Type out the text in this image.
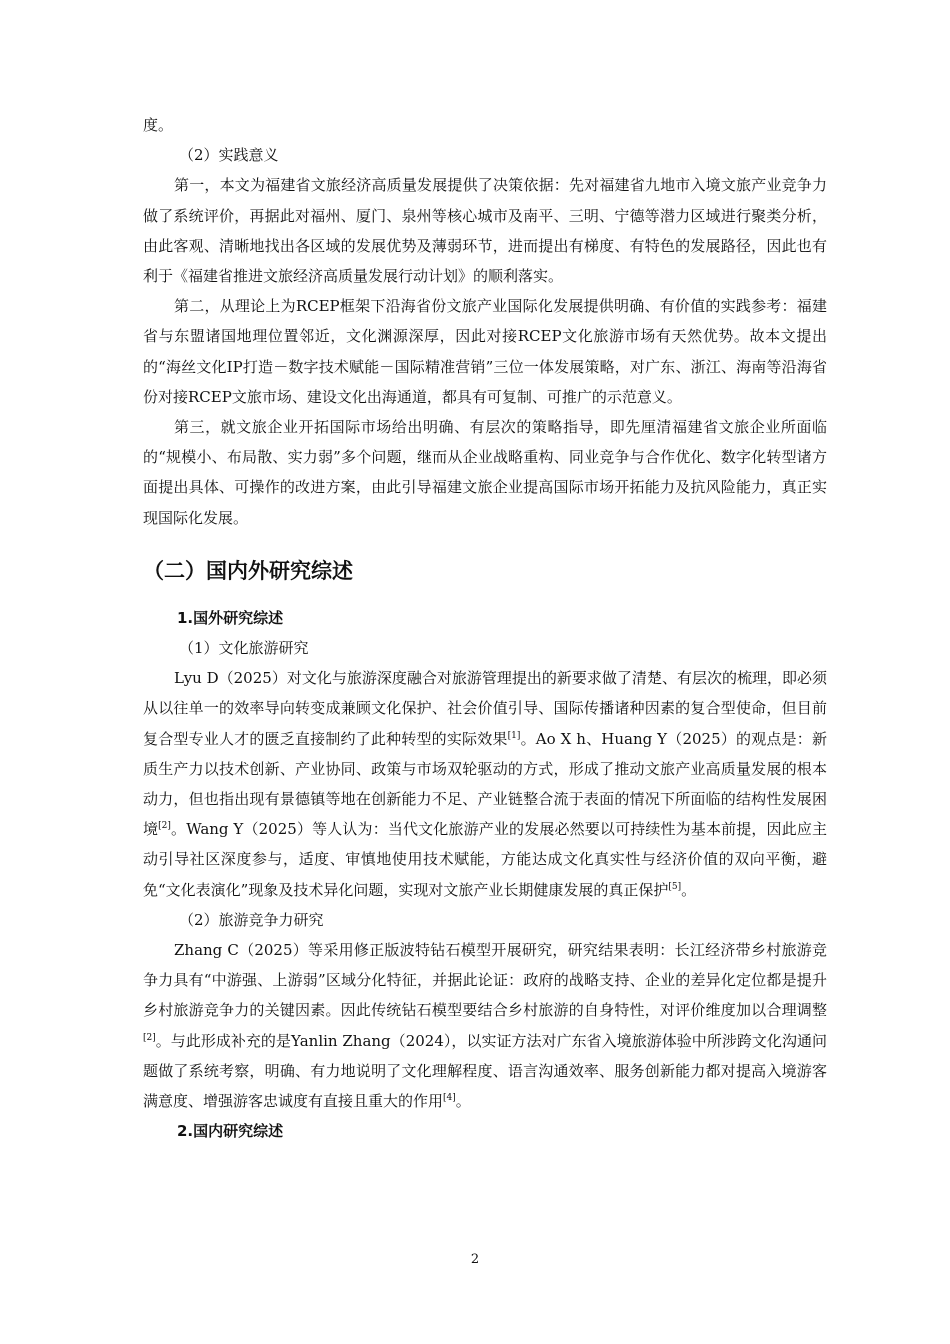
度。

（2）实践意义

第一，本文为福建省文旅经济高质量发展提供了决策依据：先对福建省九地市入境文旅产业竞争力做了系统评价，再据此对福州、厦门、泉州等核心城市及南平、三明、宁德等潜力区域进行聚类分析，由此客观、清晰地找出各区域的发展优势及薄弱环节，进而提出有梯度、有特色的发展路径，因此也有利于《福建省推进文旅经济高质量发展行动计划》的顺利落实。

第二，从理论上为RCEP框架下沿海省份文旅产业国际化发展提供明确、有价值的实践参考：福建省与东盟诸国地理位置邻近，文化渊源深厚，因此对接RCEP文化旅游市场有天然优势。故本文提出的“海丝文化IP打造－数字技术赋能－国际精准营销”三位一体发展策略，对广东、浙江、海南等沿海省份对接RCEP文旅市场、建设文化出海通道，都具有可复制、可推广的示范意义。

第三，就文旅企业开拓国际市场给出明确、有层次的策略指导，即先厘清福建省文旅企业所面临的“规模小、布局散、实力弱”多个问题，继而从企业战略重构、同业竞争与合作优化、数字化转型诸方面提出具体、可操作的改进方案，由此引导福建文旅企业提高国际市场开拓能力及抗风险能力，真正实现国际化发展。

（二）国内外研究综述

1.国外研究综述

（1）文化旅游研究

Lyu D（2025）对文化与旅游深度融合对旅游管理提出的新要求做了清楚、有层次的梳理，即必须从以往单一的效率导向转变成兼顾文化保护、社会价值引导、国际传播诸种因素的复合型使命，但目前复合型专业人才的匮乏直接制约了此种转型的实际效果[1]。Ao X h、Huang Y（2025）的观点是：新质生产力以技术创新、产业协同、政策与市场双轮驱动的方式，形成了推动文旅产业高质量发展的根本动力，但也指出现有景德镇等地在创新能力不足、产业链整合流于表面的情况下所面临的结构性发展困境[2]。Wang Y（2025）等人认为：当代文化旅游产业的发展必然要以可持续性为基本前提，因此应主动引导社区深度参与，适度、审慎地使用技术赋能，方能达成文化真实性与经济价值的双向平衡，避免“文化表演化”现象及技术异化问题，实现对文旅产业长期健康发展的真正保护[5]。

（2）旅游竞争力研究

Zhang C（2025）等采用修正版波特钻石模型开展研究，研究结果表明：长江经济带乡村旅游竞争力具有“中游强、上游弱”区域分化特征，并据此论证：政府的战略支持、企业的差异化定位都是提升乡村旅游竞争力的关键因素。因此传统钻石模型要结合乡村旅游的自身特性，对评价维度加以合理调整[2]。与此形成补充的是Yanlin Zhang（2024），以实证方法对广东省入境旅游体验中所涉跨文化沟通问题做了系统考察，明确、有力地说明了文化理解程度、语言沟通效率、服务创新能力都对提高入境游客满意度、增强游客忠诚度有直接且重大的作用[4]。

2.国内研究综述

2
